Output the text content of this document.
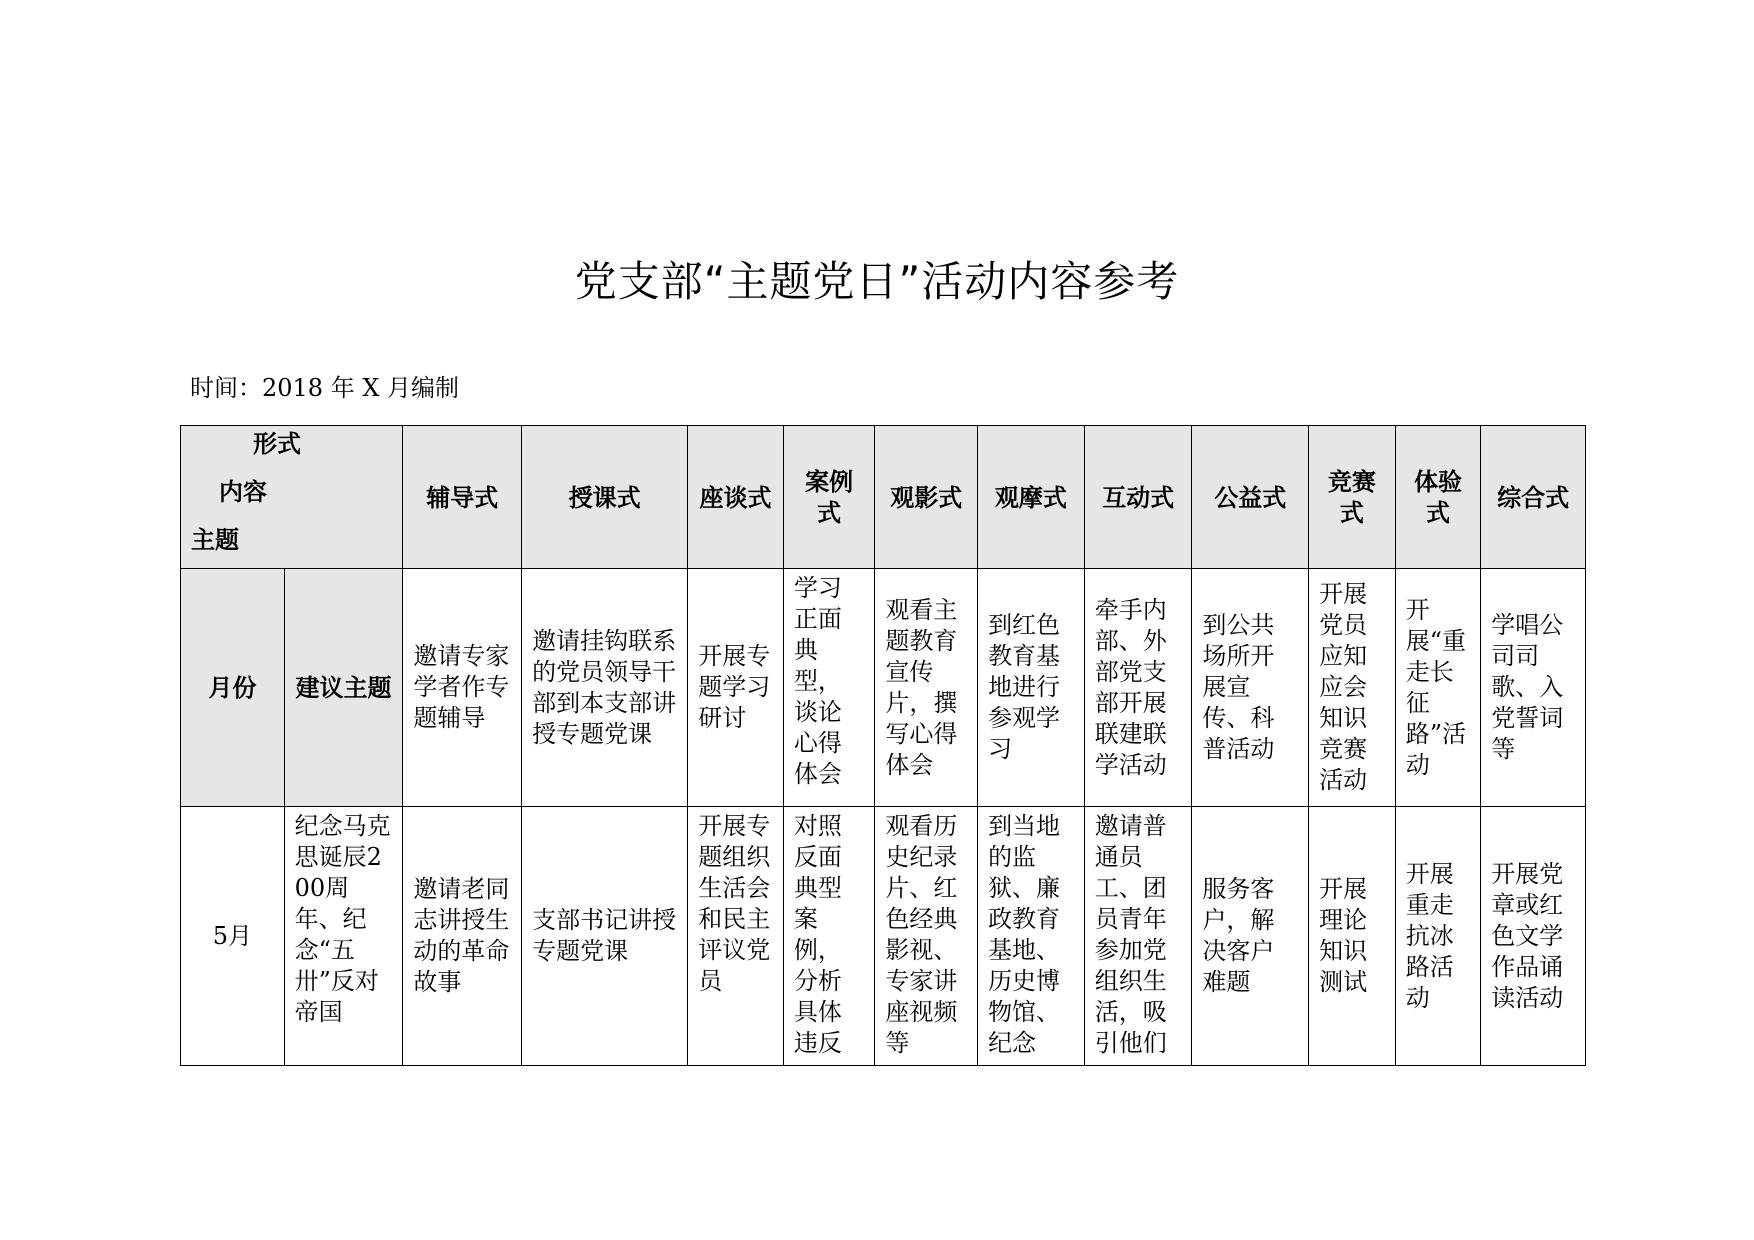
党支部“主题党日”活动内容参考
时间：2018 年 X 月编制
形式
内容
主题		辅导式	授课式	座谈式	案例式	观影式	观摩式	互动式	公益式	竞赛式	体验式	综合式
月份	建议主题	邀请专家学者作专题辅导	邀请挂钩联系的党员领导干部到本支部讲授专题党课	开展专题学习研讨	学习正面典型，谈论心得体会	观看主题教育宣传片，撰写心得体会	到红色教育基地进行参观学习	牵手内部、外部党支部开展联建联学活动	到公共场所开展宣传、科普活动	开展党员应知应会知识竞赛活动	开展“重走长征路”活动	学唱公司司歌、入党誓词等
5月	纪念马克思诞辰200周年、纪念“五卅”反对帝国	邀请老同志讲授生动的革命故事	支部书记讲授专题党课	开展专题组织生活会和民主评议党员	对照反面典型案例，分析具体违反	观看历史纪录片、红色经典影视、专家讲座视频等	到当地的监狱、廉政教育基地、历史博物馆、纪念	邀请普通员工、团员青年参加党组织生活，吸引他们	服务客户，解决客户难题	开展理论知识测试	开展重走抗冰路活动	开展党章或红色文学作品诵读活动
